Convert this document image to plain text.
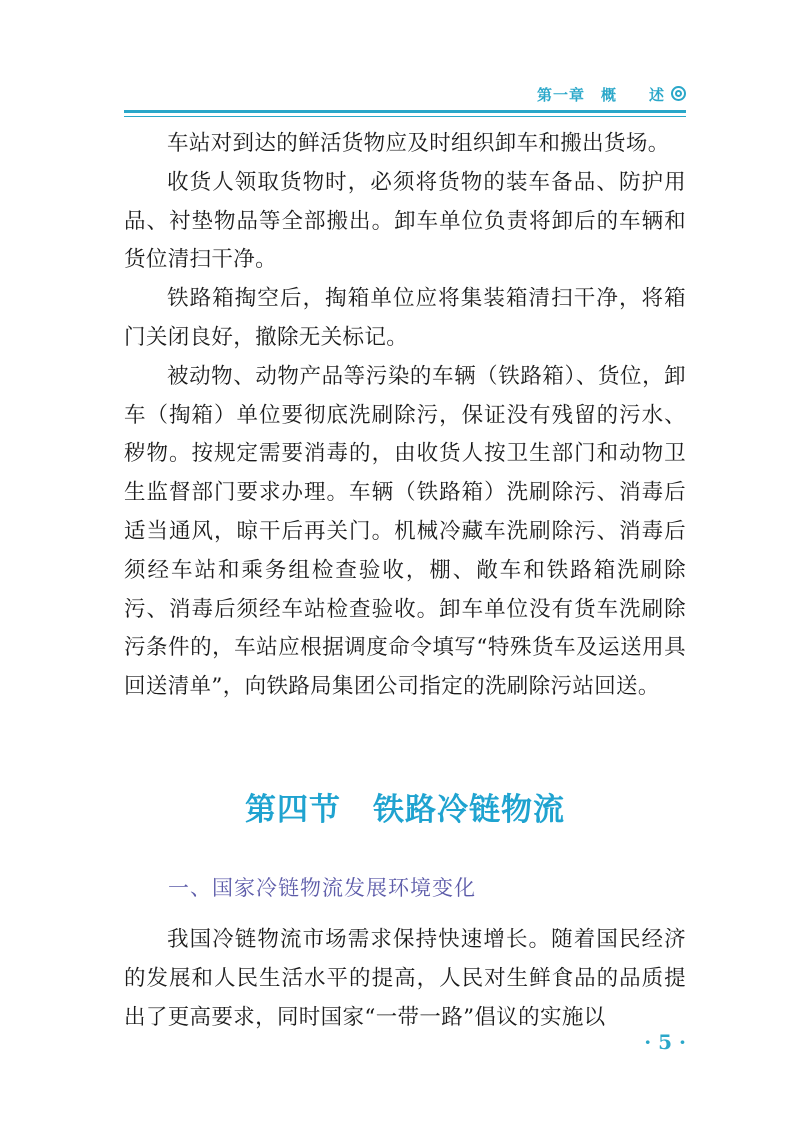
第一章　概　　述

车站对到达的鲜活货物应及时组织卸车和搬出货场。

收货人领取货物时，必须将货物的装车备品、防护用品、衬垫物品等全部搬出。卸车单位负责将卸后的车辆和货位清扫干净。

铁路箱掏空后，掏箱单位应将集装箱清扫干净，将箱门关闭良好，撤除无关标记。

被动物、动物产品等污染的车辆（铁路箱）、货位，卸车（掏箱）单位要彻底洗刷除污，保证没有残留的污水、秽物。按规定需要消毒的，由收货人按卫生部门和动物卫生监督部门要求办理。车辆（铁路箱）洗刷除污、消毒后适当通风，晾干后再关门。机械冷藏车洗刷除污、消毒后须经车站和乘务组检查验收，棚、敞车和铁路箱洗刷除污、消毒后须经车站检查验收。卸车单位没有货车洗刷除污条件的，车站应根据调度命令填写“特殊货车及运送用具回送清单”，向铁路局集团公司指定的洗刷除污站回送。

第四节　铁路冷链物流
一、国家冷链物流发展环境变化

我国冷链物流市场需求保持快速增长。随着国民经济的发展和人民生活水平的提高，人民对生鲜食品的品质提出了更高要求，同时国家“一带一路”倡议的实施以

· 5 ·
